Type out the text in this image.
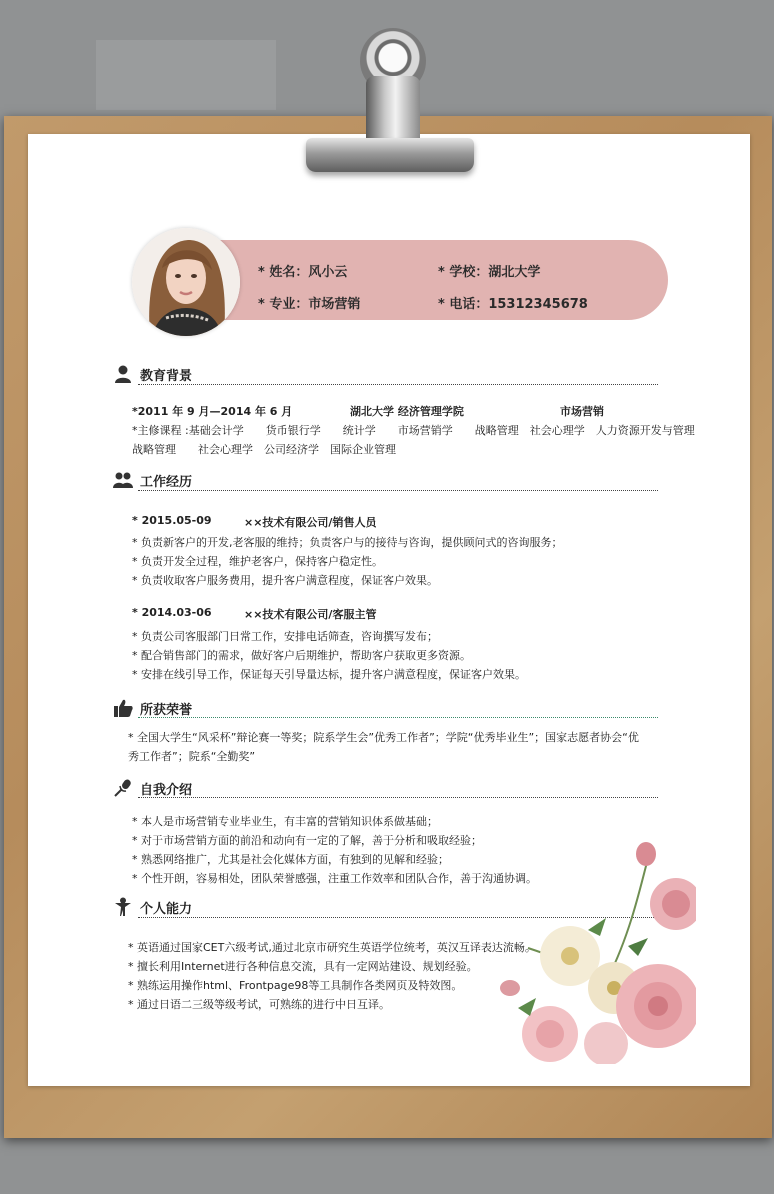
* 姓名：风小云	* 学校：湖北大学
* 专业：市场营销	* 电话：15312345678
教育背景
*2011 年 9 月—2014 年 6 月	湖北大学 经济管理学院	市场营销
*主修课程 :基础会计学　　货币银行学　　统计学　　市场营销学　　战略管理　社会心理学　人力资源开发与管理
战略管理　　社会心理学　公司经济学　国际企业管理
工作经历
* 2015.05-09	××技术有限公司/销售人员
* 负责新客户的开发,老客服的维持；负责客户与的接待与咨询，提供顾问式的咨询服务；
* 负责开发全过程，维护老客户，保持客户稳定性。
* 负责收取客户服务费用，提升客户满意程度，保证客户效果。
* 2014.03-06	××技术有限公司/客服主管
* 负责公司客服部门日常工作，安排电话筛查，咨询撰写发布；
* 配合销售部门的需求，做好客户后期维护，帮助客户获取更多资源。
* 安排在线引导工作，保证每天引导量达标，提升客户满意程度，保证客户效果。
所获荣誉
* 全国大学生“风采杯”辩论赛一等奖；院系学生会”优秀工作者”；学院“优秀毕业生”；国家志愿者协会“优
秀工作者”；院系“全勤奖”
自我介绍
* 本人是市场营销专业毕业生，有丰富的营销知识体系做基础；
* 对于市场营销方面的前沿和动向有一定的了解，善于分析和吸取经验；
* 熟悉网络推广，尤其是社会化媒体方面，有独到的见解和经验；
* 个性开朗，容易相处，团队荣誉感强，注重工作效率和团队合作，善于沟通协调。
个人能力
* 英语通过国家CET六级考试,通过北京市研究生英语学位统考，英汉互译表达流畅。
* 擅长利用Internet进行各种信息交流，具有一定网站建设、规划经验。
* 熟练运用操作html、Frontpage98等工具制作各类网页及特效图。
* 通过日语二三级等级考试，可熟练的进行中日互译。
